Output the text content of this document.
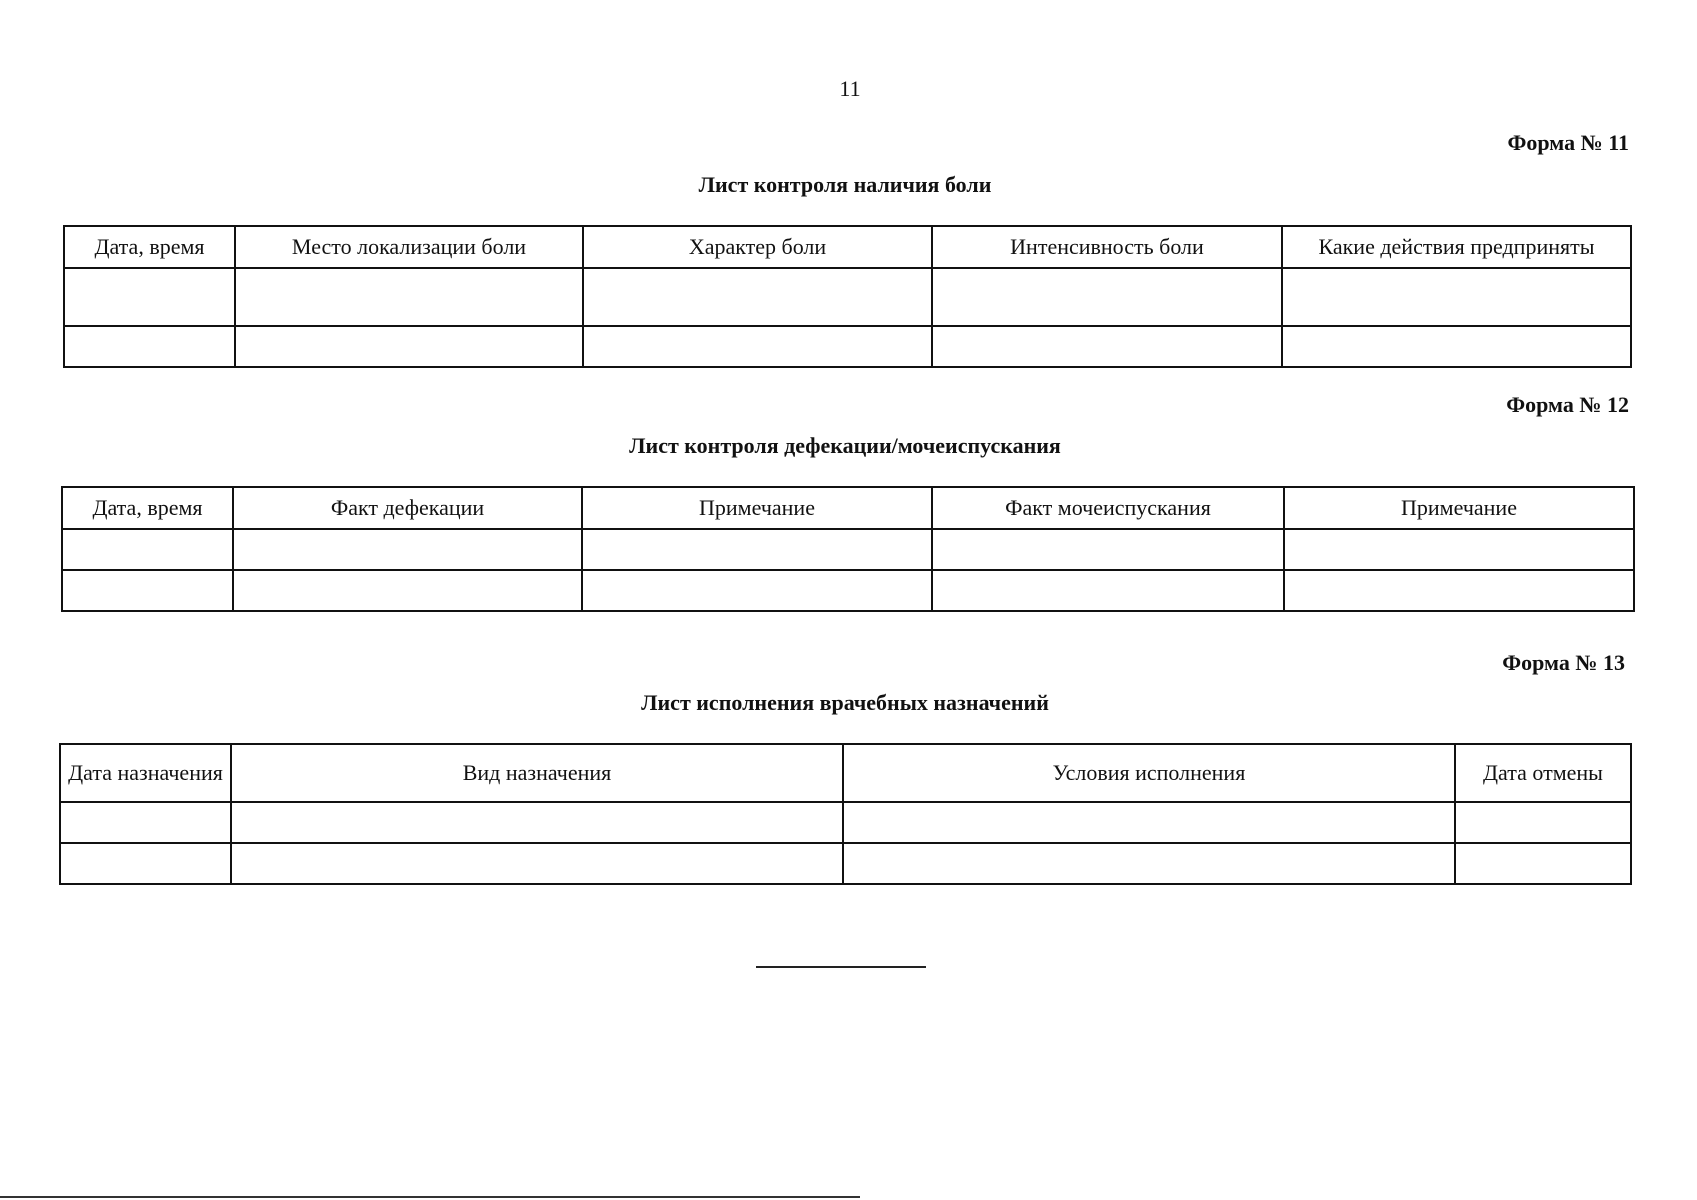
11
Форма № 11
Лист контроля наличия боли
Дата, время	Место локализации боли	Характер боли	Интенсивность боли	Какие действия предприняты

Форма № 12
Лист контроля дефекации/мочеиспускания
Дата, время	Факт дефекации	Примечание	Факт мочеиспускания	Примечание

Форма № 13
Лист исполнения врачебных назначений
Дата назначения	Вид назначения	Условия исполнения	Дата отмены
